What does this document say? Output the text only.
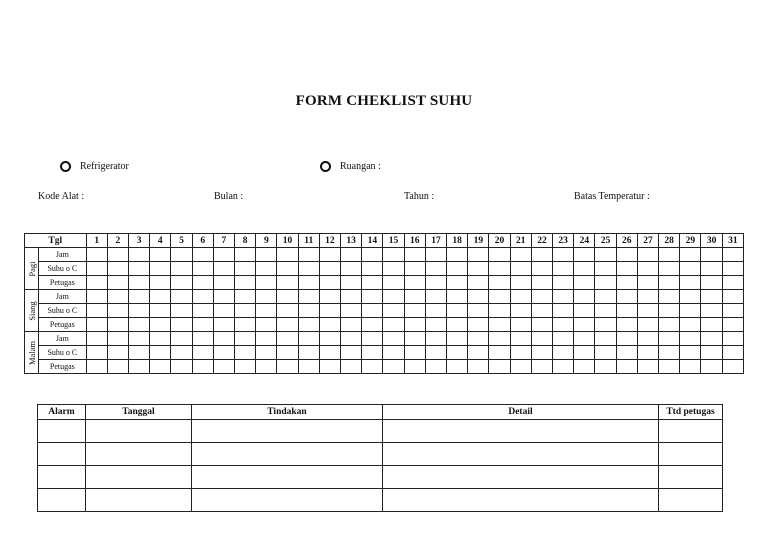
FORM CHEKLIST SUHU
Refrigerator	Ruangan :
Kode Alat :	Bulan :	Tahun :	Batas Temperatur :
Tgl		1	2	3	4	5	6	7	8	9	10	11	12	13	14	15	16	17	18	19	20	21	22	23	24	25	26	27	28	29	30	31

Pagi	Jam																															
	Suhu o C																															
	Petugas																															

Siang	Jam																															
	Suhu o C																															
	Petugas																															

Malam	Jam																															
	Suhu o C																															
	Petugas																															
Alarm	Tanggal	Tindakan	Detail	Ttd petugas
